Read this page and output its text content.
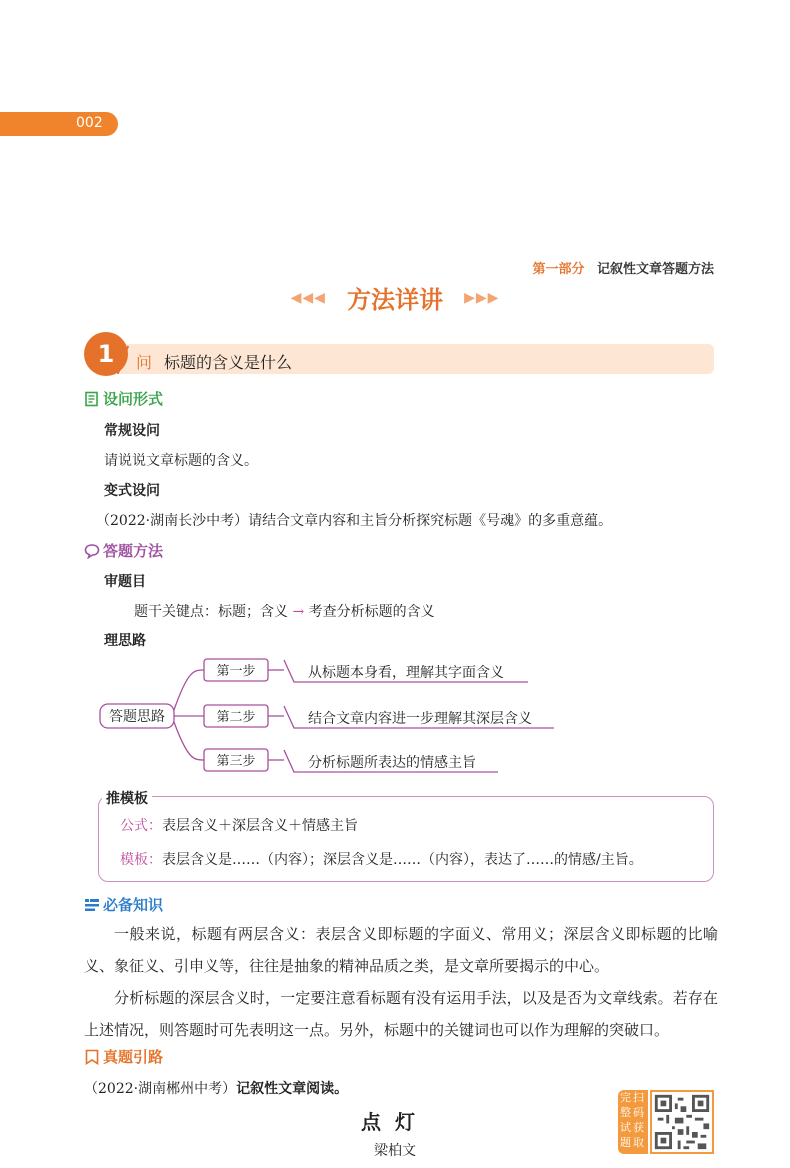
002
第一部分 记叙性文章答题方法
◀◀◀ 方法详讲 ▶▶▶
1	问 标题的含义是什么
设问形式
常规设问
请说说文章标题的含义。
变式设问
（2022·湖南长沙中考）请结合文章内容和主旨分析探究标题《号魂》的多重意蕴。
答题方法
审题目
题干关键点：标题；含义 → 考查分析标题的含义
理思路
答题思路
第一步	从标题本身看，理解其字面含义
第二步	结合文章内容进一步理解其深层含义
第三步	分析标题所表达的情感主旨
推模板
公式：表层含义＋深层含义＋情感主旨
模板：表层含义是……（内容）；深层含义是……（内容），表达了……的情感/主旨。
必备知识

一般来说，标题有两层含义：表层含义即标题的字面义、常用义；深层含义即标题的比喻义、象征义、引申义等，往往是抽象的精神品质之类，是文章所要揭示的中心。

分析标题的深层含义时，一定要注意看标题有没有运用手法，以及是否为文章线索。若存在上述情况，则答题时可先表明这一点。另外，标题中的关键词也可以作为理解的突破口。

真题引路
（2022·湖南郴州中考）记叙性文章阅读。
点灯
梁柏文
完 扫
整 码
试 获
题 取
